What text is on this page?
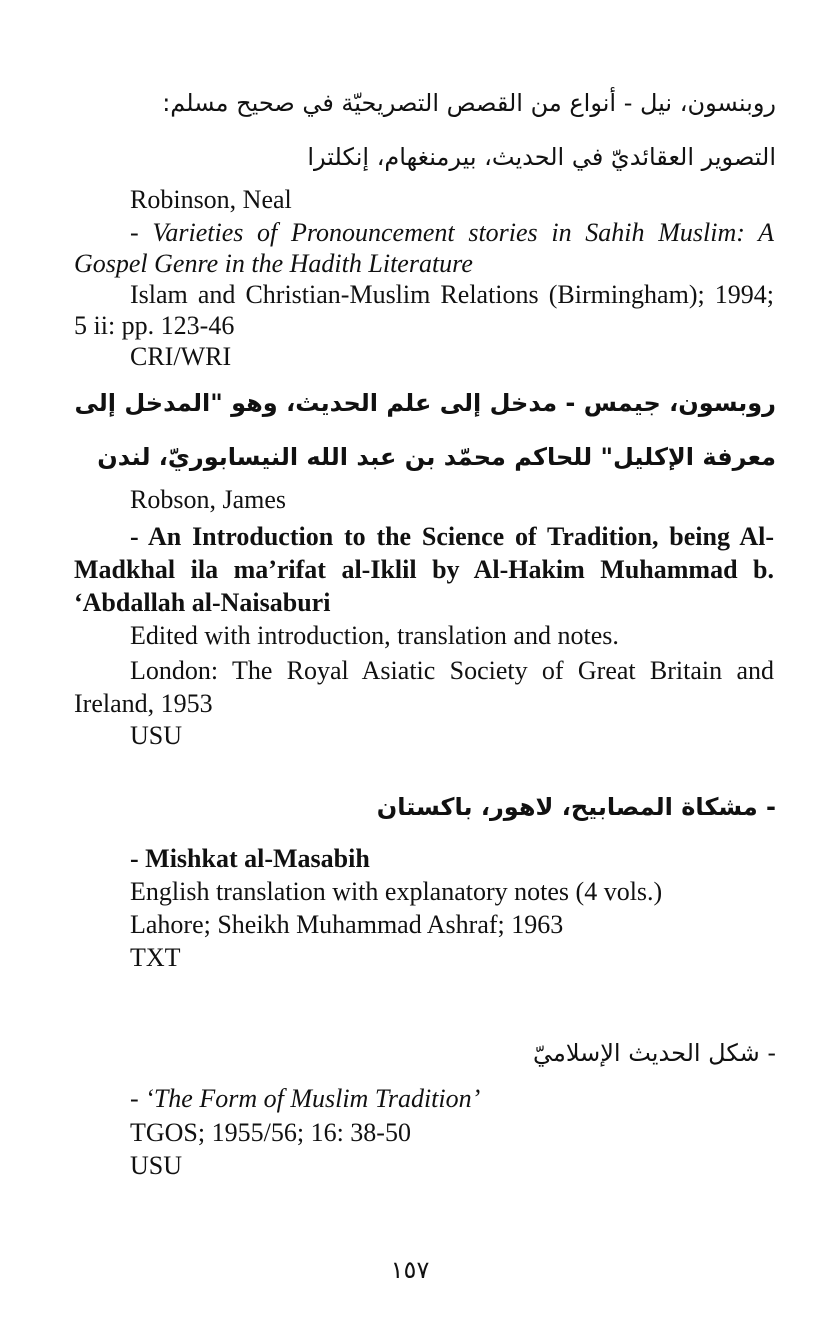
روبنسون، نيل - أنواع من القصص التصريحيّة في صحيح مسلم:
التصوير العقائديّ في الحديث، بيرمنغهام، إنكلترا
Robinson, Neal
- Varieties of Pronouncement stories in Sahih Muslim: A Gospel Genre in the Hadith Literature
Islam and Christian-Muslim Relations (Birmingham); 1994; 5 ii: pp. 123-46
CRI/WRI
روبسون، جيمس - مدخل إلى علم الحديث، وهو "المدخل إلى
معرفة الإكليل" للحاكم محمّد بن عبد الله النيسابوريّ، لندن
Robson, James
- An Introduction to the Science of Tradition, being Al-Madkhal ila ma’rifat al-Iklil by Al-Hakim Muhammad b. ‘Abdallah al-Naisaburi
Edited with introduction, translation and notes.
London: The Royal Asiatic Society of Great Britain and Ireland, 1953
USU
- مشكاة المصابيح، لاهور، باكستان
- Mishkat al-Masabih
English translation with explanatory notes (4 vols.)
Lahore; Sheikh Muhammad Ashraf; 1963
TXT
- شكل الحديث الإسلاميّ
- ‘The Form of Muslim Tradition’
TGOS; 1955/56; 16: 38-50
USU
١٥٧
